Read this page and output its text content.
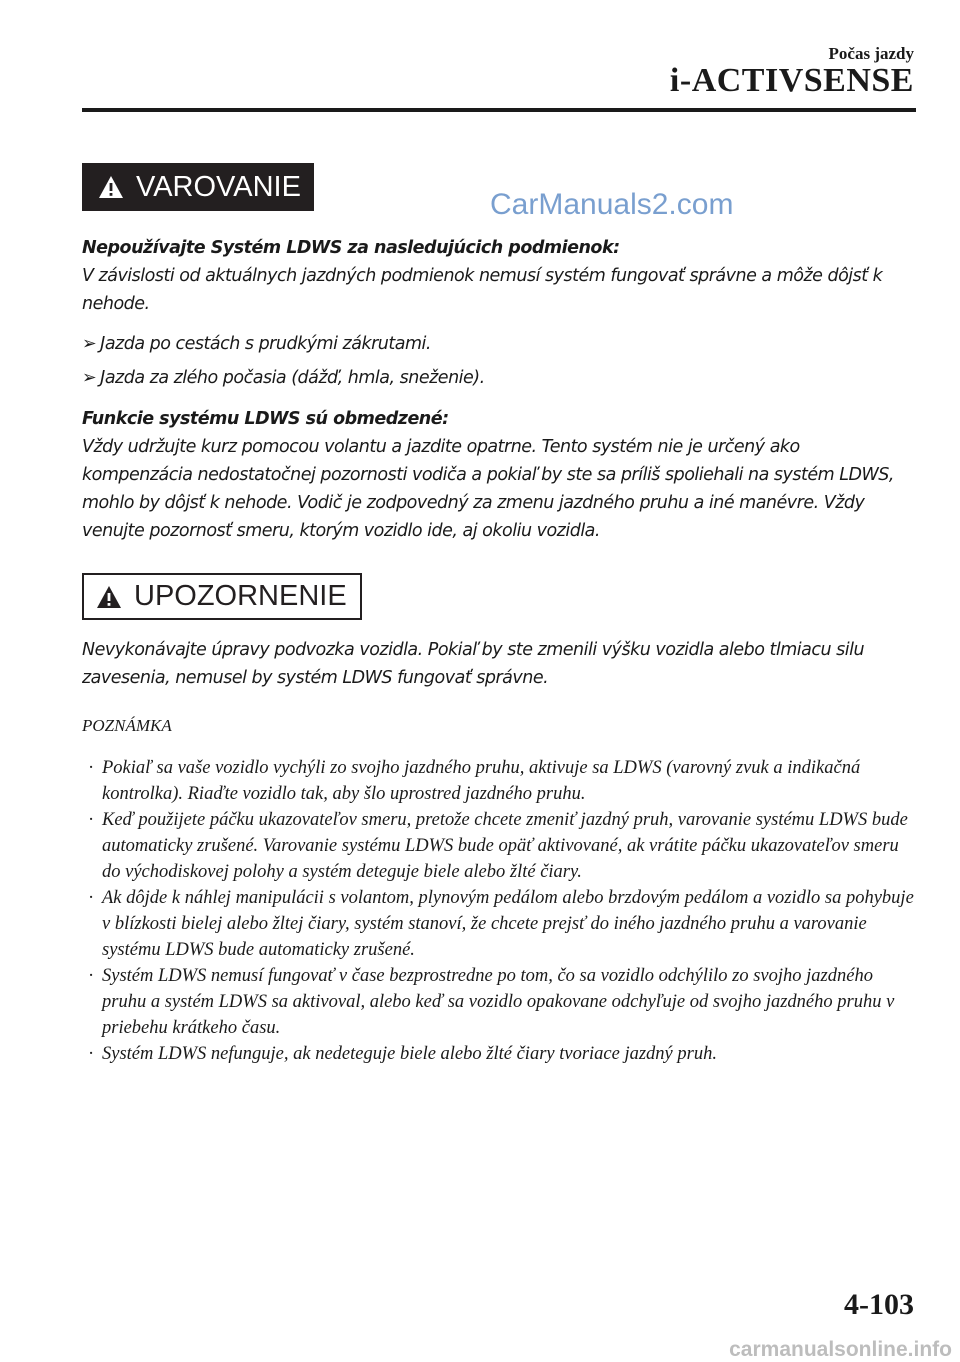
Počas jazdy
i-ACTIVSENSE
VAROVANIE
CarManuals2.com

Nepoužívajte Systém LDWS za nasledujúcich podmienok:
V závislosti od aktuálnych jazdných podmienok nemusí systém fungovať správne a môže dôjsť k nehode.

➢ Jazda po cestách s prudkými zákrutami.
➢ Jazda za zlého počasia (dážď, hmla, sneženie).

Funkcie systému LDWS sú obmedzené:
Vždy udržujte kurz pomocou volantu a jazdite opatrne. Tento systém nie je určený ako kompenzácia nedostatočnej pozornosti vodiča a pokiaľ by ste sa príliš spoliehali na systém LDWS, mohlo by dôjsť k nehode. Vodič je zodpovedný za zmenu jazdného pruhu a iné manévre. Vždy venujte pozornosť smeru, ktorým vozidlo ide, aj okoliu vozidla.

UPOZORNENIE

Nevykonávajte úpravy podvozka vozidla. Pokiaľ by ste zmenili výšku vozidla alebo tlmiacu silu zavesenia, nemusel by systém LDWS fungovať správne.

POZNÁMKA
· Pokiaľ sa vaše vozidlo vychýli zo svojho jazdného pruhu, aktivuje sa LDWS (varovný zvuk a indikačná kontrolka). Riaďte vozidlo tak, aby šlo uprostred jazdného pruhu.
· Keď použijete páčku ukazovateľov smeru, pretože chcete zmeniť jazdný pruh, varovanie systému LDWS bude automaticky zrušené. Varovanie systému LDWS bude opäť aktivované, ak vrátite páčku ukazovateľov smeru do východiskovej polohy a systém deteguje biele alebo žlté čiary.
· Ak dôjde k náhlej manipulácii s volantom, plynovým pedálom alebo brzdovým pedálom a vozidlo sa pohybuje v blízkosti bielej alebo žltej čiary, systém stanoví, že chcete prejsť do iného jazdného pruhu a varovanie systému LDWS bude automaticky zrušené.
· Systém LDWS nemusí fungovať v čase bezprostredne po tom, čo sa vozidlo odchýlilo zo svojho jazdného pruhu a systém LDWS sa aktivoval, alebo keď sa vozidlo opakovane odchyľuje od svojho jazdného pruhu v priebehu krátkeho času.
· Systém LDWS nefunguje, ak nedeteguje biele alebo žlté čiary tvoriace jazdný pruh.
4-103
carmanualsonline.info
